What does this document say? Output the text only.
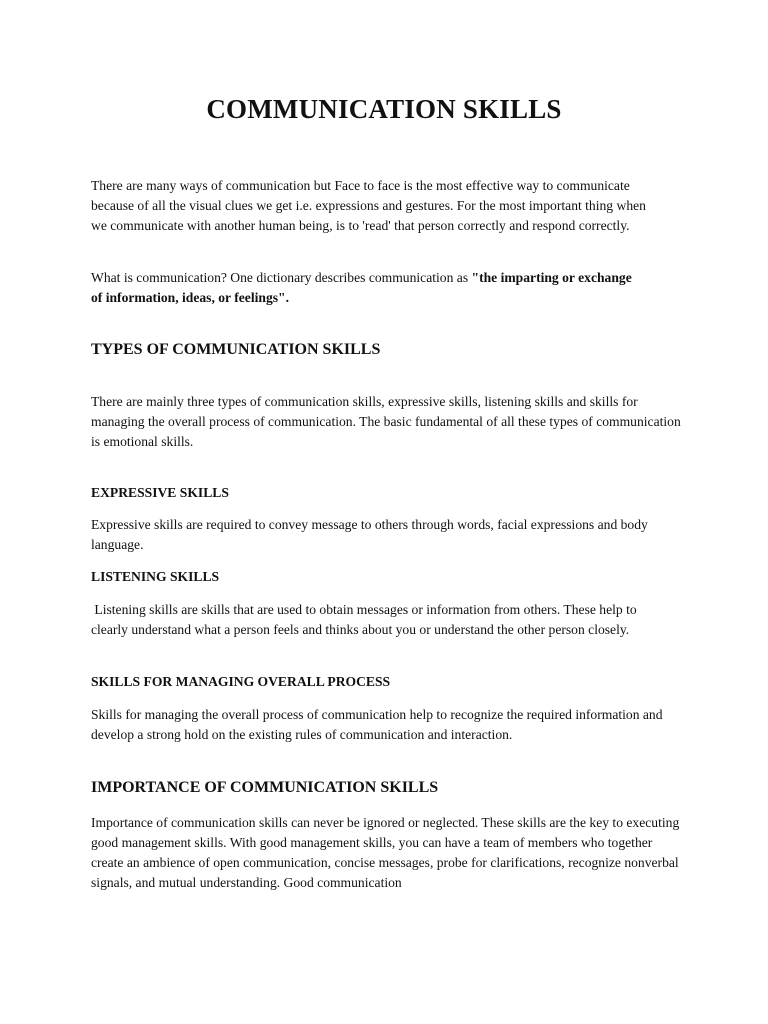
COMMUNICATION SKILLS

There are many ways of communication but Face to face is the most effective way to communicate because of all the visual clues we get i.e. expressions and gestures. For the most important thing when we communicate with another human being, is to 'read' that person correctly and respond correctly.

What is communication? One dictionary describes communication as "the imparting or exchange of information, ideas, or feelings".

TYPES OF COMMUNICATION SKILLS

There are mainly three types of communication skills, expressive skills, listening skills and skills for managing the overall process of communication. The basic fundamental of all these types of communication is emotional skills.

EXPRESSIVE SKILLS

Expressive skills are required to convey message to others through words, facial expressions and body language.

LISTENING SKILLS

Listening skills are skills that are used to obtain messages or information from others. These help to clearly understand what a person feels and thinks about you or understand the other person closely.

SKILLS FOR MANAGING OVERALL PROCESS

Skills for managing the overall process of communication help to recognize the required information and develop a strong hold on the existing rules of communication and interaction.

IMPORTANCE OF COMMUNICATION SKILLS

Importance of communication skills can never be ignored or neglected. These skills are the key to executing good management skills. With good management skills, you can have a team of members who together create an ambience of open communication, concise messages, probe for clarifications, recognize nonverbal signals, and mutual understanding. Good communication
